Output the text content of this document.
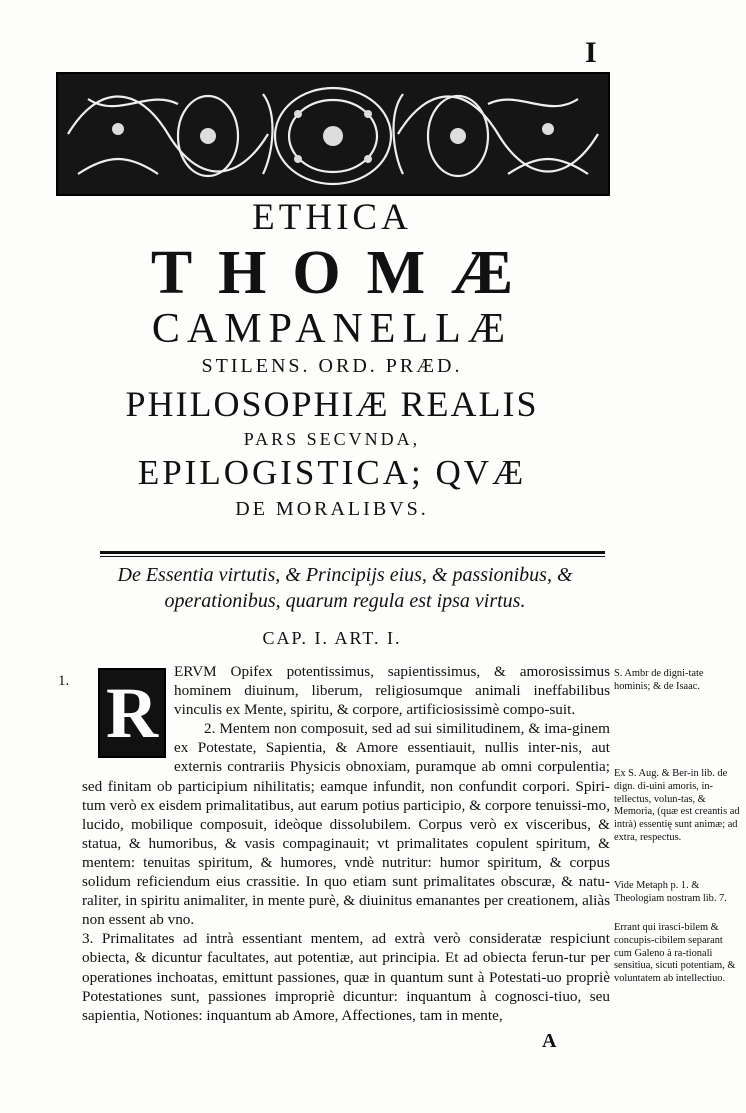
I
ETHICA
THOMÆ
CAMPANELLÆ
STILENS. ORD. PRÆD.
PHILOSOPHIÆ REALIS
PARS SECVNDA,
EPILOGISTICA; QVÆ
DE MORALIBVS.
De Essentia virtutis, & Principijs eius, & passionibus, & operationibus, quarum regula est ipsa virtus.
CAP. I. ART. I.
1. R

ERVM Opifex potentissimus, sapientissimus, & amorosissimus hominem diuinum, liberum, religiosumque animali ineffabilibus vinculis ex Mente, spiritu, & corpore, artificiosissimè compo-suit.

2. Mentem non composuit, sed ad sui similitudinem, & ima-ginem ex Potestate, Sapientia, & Amore essentiauit, nullis inter-nis, aut externis contrariis Physicis obnoxiam, puramque ab omni corpulentia; sed finitam ob participium nihilitatis; eamque infundit, non confundit corpori. Spiri-tum verò ex eisdem primalitatibus, aut earum potius participio, & corpore tenuissi-mo, lucido, mobilique composuit, ideòque dissolubilem. Corpus verò ex visceribus, & statua, & humoribus, & vasis compaginauit; vt primalitates copulent spiritum, & mentem: tenuitas spiritum, & humores, vndè nutritur: humor spiritum, & corpus solidum reficiendum eius crassitie. In quo etiam sunt primalitates obscuræ, & natu-raliter, in spiritu animaliter, in mente purè, & diuinitus emanantes per creationem, aliàs non essent ab vno.

3. Primalitates ad intrà essentiant mentem, ad extrà verò consideratæ respiciunt obiecta, & dicuntur facultates, aut potentiæ, aut principia. Et ad obiecta ferun-tur per operationes inchoatas, emittunt passiones, quæ in quantum sunt à Potestati-uo propriè Potestationes sunt, passiones impropriè dicuntur: inquantum à cognosci-tiuo, seu sapientia, Notiones: inquantum ab Amore, Affectiones, tam in mente,

S. Ambr de digni-tate hominis; & de Isaac.
Ex S. Aug. & Ber-in lib. de dign. di-uini amoris, in-tellectus, volun-tas, & Memoria, (quæ est creantis ad intrà) essentię sunt animæ; ad extra, respectus.
Vide Metaph p. 1. & Theologiam nostram lib. 7.
Errant qui irasci-bilem & concupis-cibilem separant cum Galeno à ra-tionali sensitiua, sicuti potentiam, & voluntatem ab intellectiuo.
A
